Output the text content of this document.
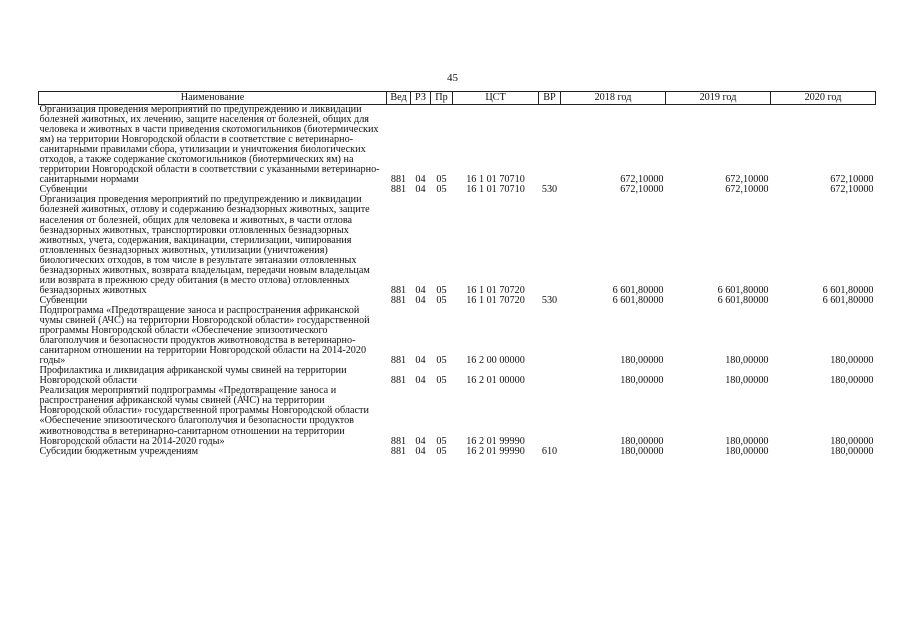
45
Наименование	Вед	РЗ	Пр	ЦСТ	ВР	2018 год	2019 год	2020 год
Организация проведения мероприятий по предупреждению и ликвидации болезней животных, их лечению, защите населения от болезней, общих для человека и животных в части приведения скотомогильников (биотермических ям) на территории Новгородской области в соответствие с ветеринарно-санитарными правилами сбора, утилизации и уничтожения биологических отходов, а также содержание скотомогильников (биотермических ям) на территории Новгородской области в соответствии с указанными ветеринарно-санитарными нормами	881	04	05	16 1 01 70710		672,10000	672,10000	672,10000
Субвенции	881	04	05	16 1 01 70710	530	672,10000	672,10000	672,10000
Организация проведения мероприятий по предупреждению и ликвидации болезней животных, отлову и содержанию безнадзорных животных, защите населения от болезней, общих для человека и животных, в части отлова безнадзорных животных, транспортировки отловленных безнадзорных животных, учета, содержания, вакцинации, стерилизации, чипирования отловленных безнадзорных животных, утилизации (уничтожения) биологических отходов, в том числе в результате эвтаназии отловленных безнадзорных животных, возврата владельцам, передачи новым владельцам или возврата в прежнюю среду обитания (в место отлова) отловленных безнадзорных животных	881	04	05	16 1 01 70720		6 601,80000	6 601,80000	6 601,80000
Субвенции	881	04	05	16 1 01 70720	530	6 601,80000	6 601,80000	6 601,80000
Подпрограмма «Предотвращение заноса и распространения африканской чумы свиней (АЧС) на территории Новгородской области» государственной программы Новгородской области «Обеспечение эпизоотического благополучия и безопасности продуктов животноводства в ветеринарно-санитарном отношении на территории Новгородской области на 2014-2020 годы»	881	04	05	16 2 00 00000		180,00000	180,00000	180,00000
Профилактика и ликвидация африканской чумы свиней на территории Новгородской области	881	04	05	16 2 01 00000		180,00000	180,00000	180,00000
Реализация мероприятий подпрограммы «Предотвращение заноса и распространения африканской чумы свиней (АЧС) на территории Новгородской области» государственной программы Новгородской области «Обеспечение эпизоотического благополучия и безопасности продуктов животноводства в ветеринарно-санитарном отношении на территории Новгородской области на 2014-2020 годы»	881	04	05	16 2 01 99990		180,00000	180,00000	180,00000
Субсидии бюджетным учреждениям	881	04	05	16 2 01 99990	610	180,00000	180,00000	180,00000
